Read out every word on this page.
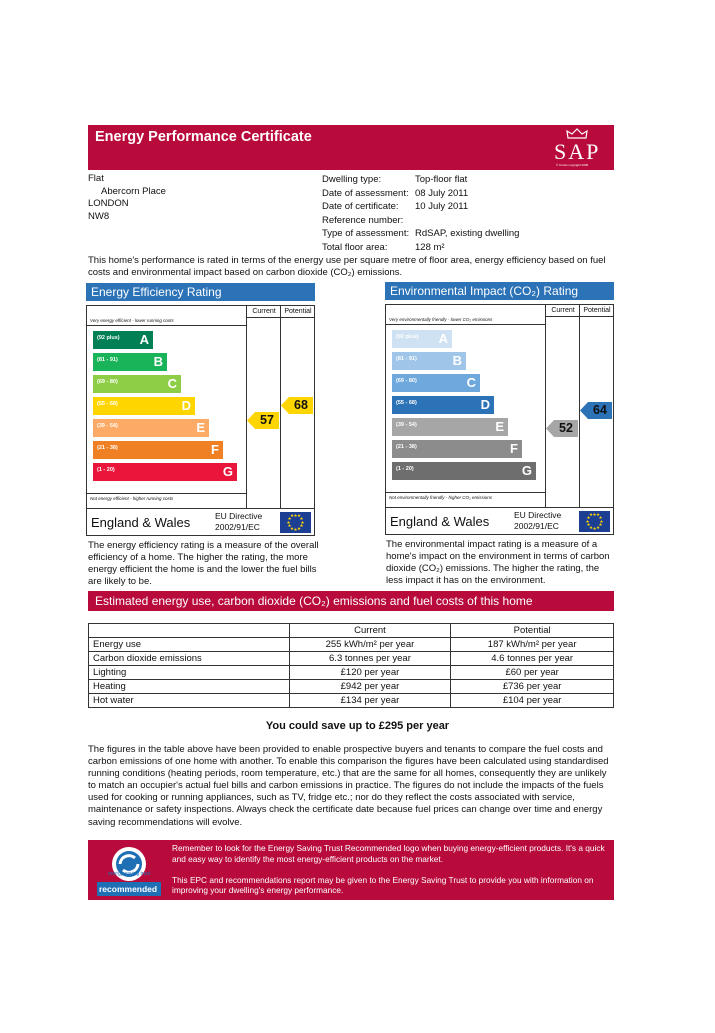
Energy Performance Certificate
SAP
© Crown copyright 2006
Flat
Abercorn Place
LONDON
NW8
Dwelling type:	Top-floor flat
Date of assessment: 08 July 2011
Date of certificate: 10 July 2011
Reference number:
Type of assessment: RdSAP, existing dwelling
Total floor area:	128 m²
This home's performance is rated in terms of the energy use per square metre of floor area, energy efficiency based on fuel costs and environmental impact based on carbon dioxide (CO₂) emissions.
Energy Efficiency Rating
Very energy efficient - lower running costs
(92 plus) A
(81 - 91)	B
(69 - 80)	C
(55 - 68)	D
(39 - 54)	E
(21 - 38)	F
(1 - 20)	G
Not energy efficient - higher running costs
Current	Potential
57
68
England & Wales	EU Directive
2002/91/EC	★
★
★
★
★
★
★
★
★ ★ ★
★
The energy efficiency rating is a measure of the overall efficiency of a home. The higher the rating, the more energy efficient the home is and the lower the fuel bills are likely to be.
Environmental Impact (CO₂) Rating
Very environmentally friendly - lower CO₂ emissions
(92 plus) A
(81 - 91)	B
(69 - 80)	C
(55 - 68)	D
(39 - 54)	E
(21 - 38)	F
(1 - 20)	G
Not environmentally friendly - higher CO₂ emissions
Current	Potential
52
64
England & Wales	EU Directive
2002/91/EC	★
★
★
★
★
★
★
★
★ ★ ★
★
The environmental impact rating is a measure of a home's impact on the environment in terms of carbon dioxide (CO₂) emissions. The higher the rating, the less impact it has on the environment.
Estimated energy use, carbon dioxide (CO₂) emissions and fuel costs of this home
	Current	Potential
Energy use	255 kWh/m² per year	187 kWh/m² per year
Carbon dioxide emissions	6.3 tonnes per year	4.6 tonnes per year
Lighting	£120 per year	£60 per year
Heating	£942 per year	£736 per year
Hot water	£134 per year	£104 per year
You could save up to £295 per year
The figures in the table above have been provided to enable prospective buyers and tenants to compare the fuel costs and carbon emissions of one home with another. To enable this comparison the figures have been calculated using standardised running conditions (heating periods, room temperature, etc.) that are the same for all homes, consequently they are unlikely to match an occupier's actual fuel bills and carbon emissions in practice. The figures do not include the impacts of the fuels used for cooking or running appliances, such as TV, fridge etc.; nor do they reflect the costs associated with service, maintenance or safety inspections. Always check the certificate date because fuel prices can change over time and energy saving recommendations will evolve.
energy saving trust
recommended
Remember to look for the Energy Saving Trust Recommended logo when buying energy-efficient products. It's a quick and easy way to identify the most energy-efficient products on the market.
This EPC and recommendations report may be given to the Energy Saving Trust to provide you with information on improving your dwelling's energy performance.
